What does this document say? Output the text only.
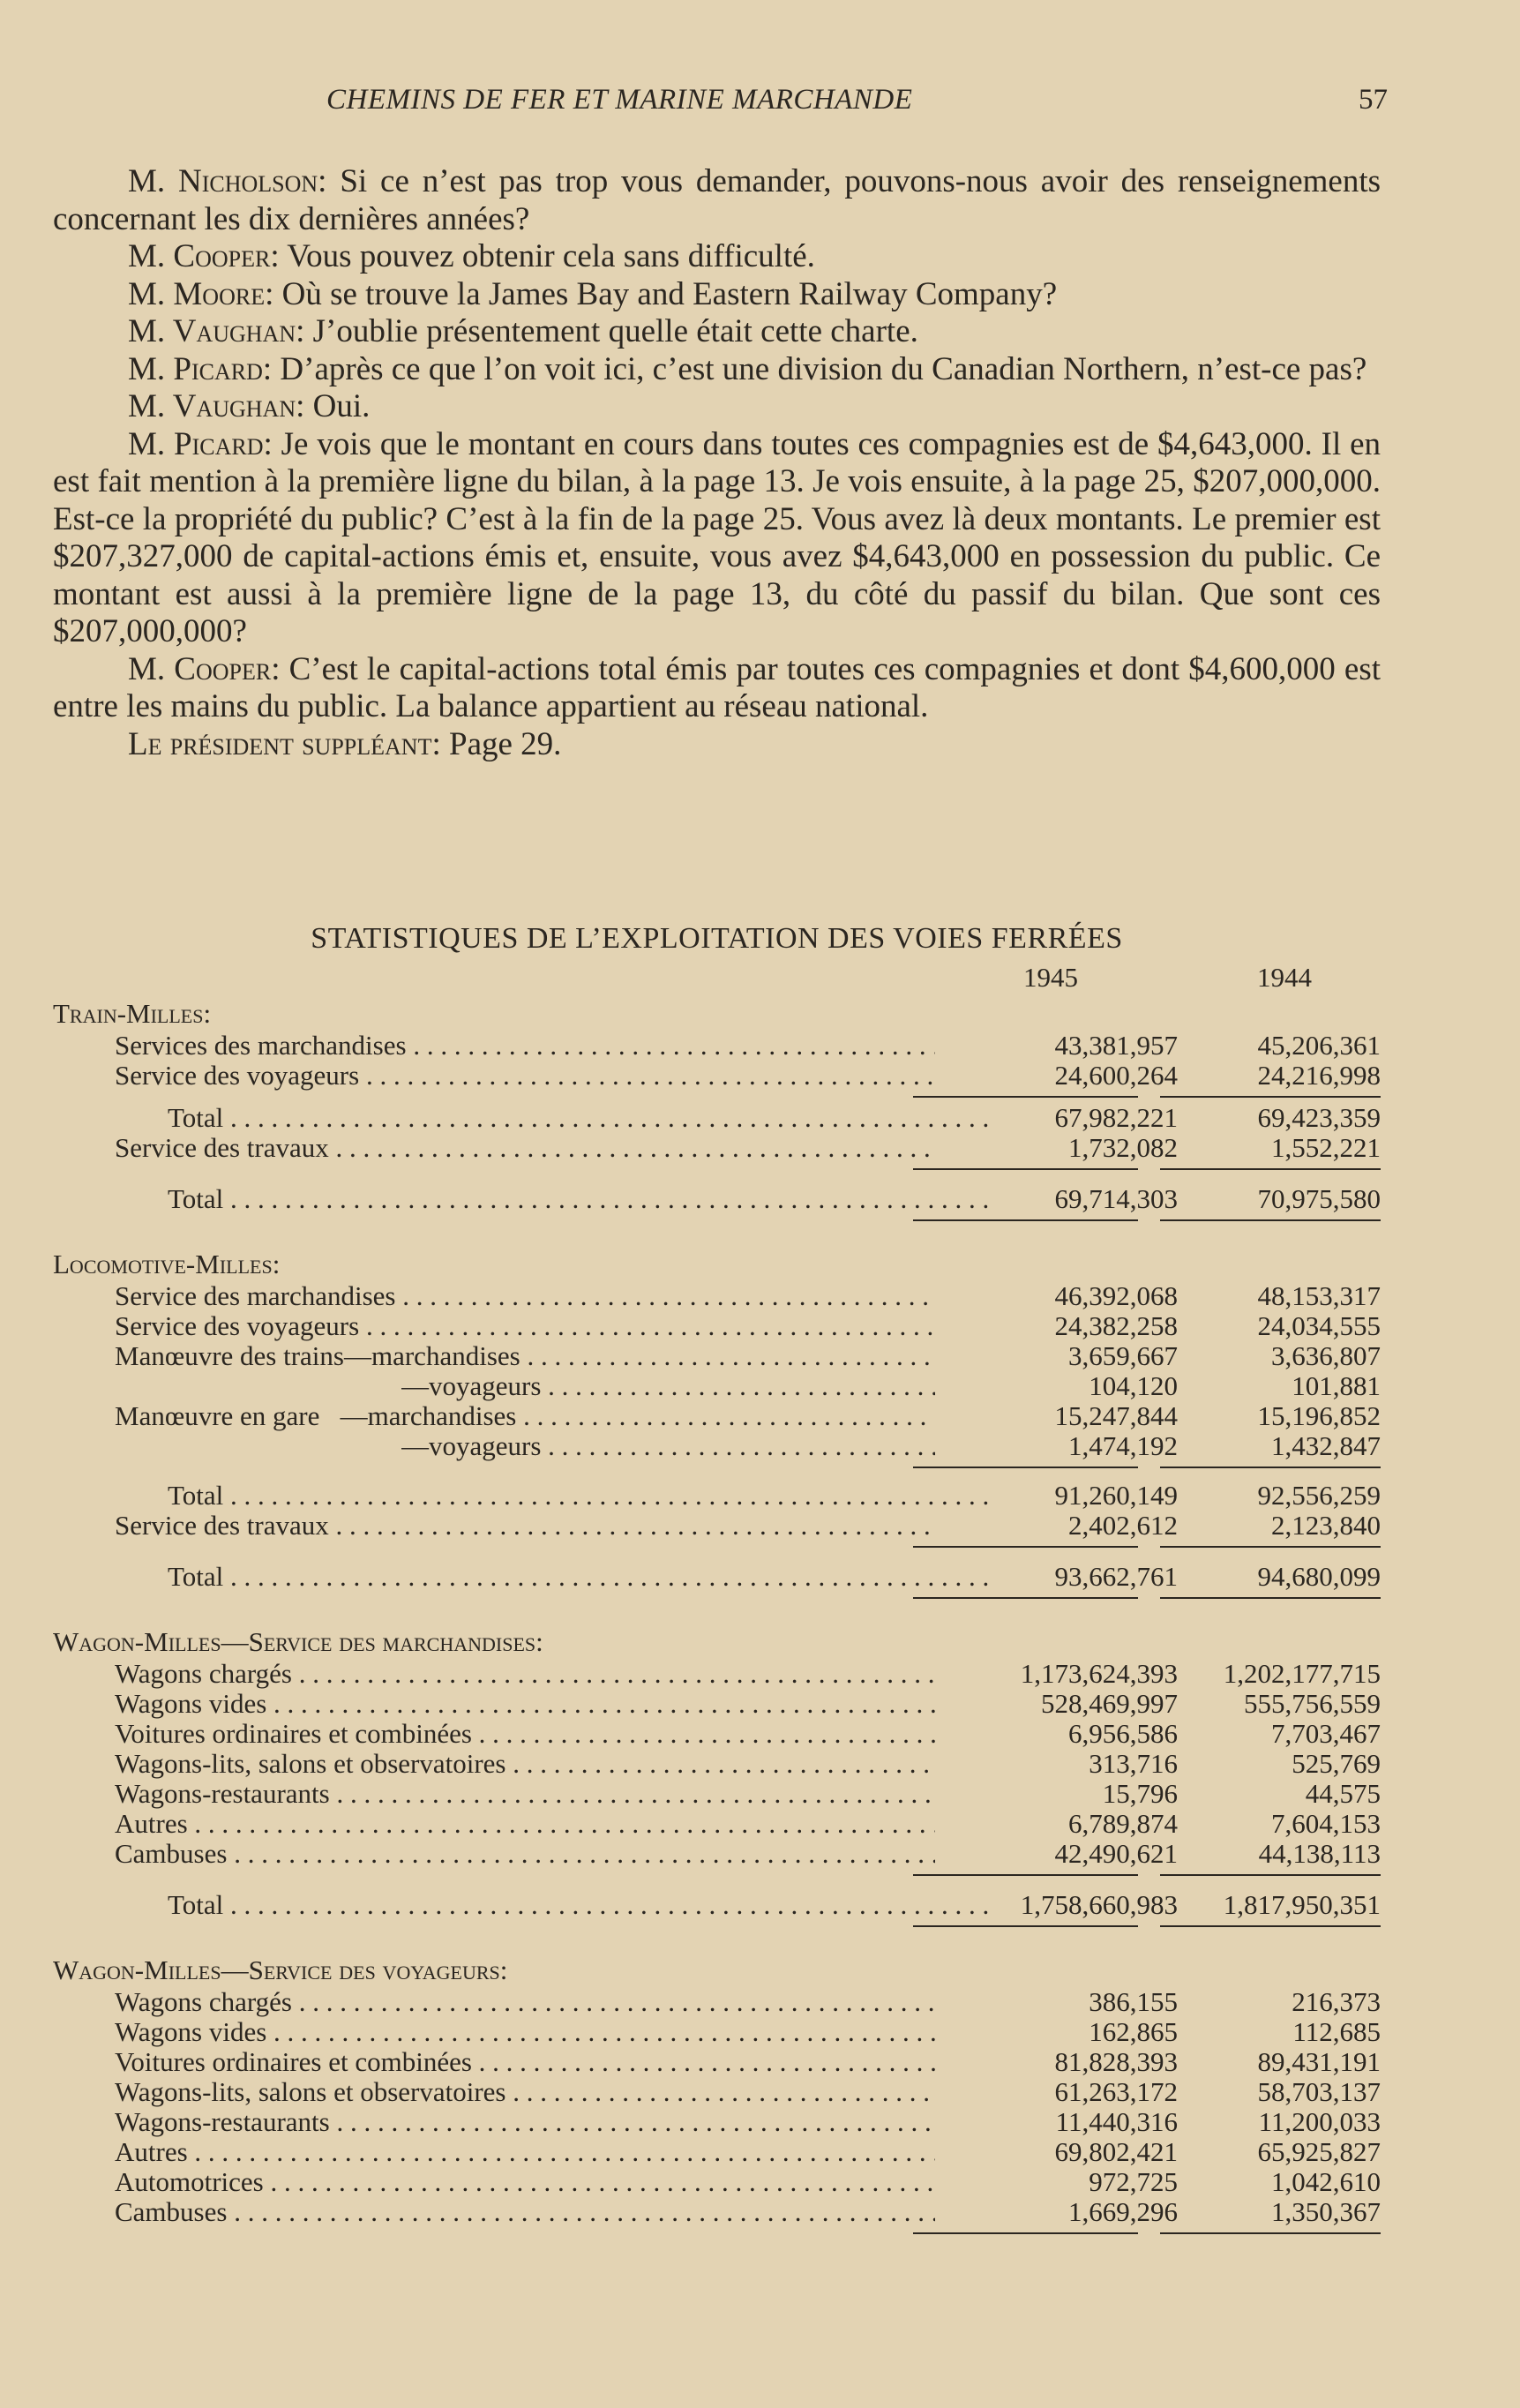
CHEMINS DE FER ET MARINE MARCHANDE	57

M. Nicholson: Si ce n’est pas trop vous demander, pouvons-nous avoir des renseignements concernant les dix dernières années?

M. Cooper: Vous pouvez obtenir cela sans difficulté.

M. Moore: Où se trouve la James Bay and Eastern Railway Company?

M. Vaughan: J’oublie présentement quelle était cette charte.

M. Picard: D’après ce que l’on voit ici, c’est une division du Canadian Northern, n’est-ce pas?

M. Vaughan: Oui.

M. Picard: Je vois que le montant en cours dans toutes ces compagnies est de $4,643,000. Il en est fait mention à la première ligne du bilan, à la page 13. Je vois ensuite, à la page 25, $207,000,000. Est-ce la propriété du public? C’est à la fin de la page 25. Vous avez là deux montants. Le premier est $207,327,000 de capital-actions émis et, ensuite, vous avez $4,643,000 en possession du public. Ce montant est aussi à la première ligne de la page 13, du côté du passif du bilan. Que sont ces $207,000,000?

M. Cooper: C’est le capital-actions total émis par toutes ces compagnies et dont $4,600,000 est entre les mains du public. La balance appartient au réseau national.

Le président suppléant: Page 29.

STATISTIQUES DE L’EXPLOITATION DES VOIES FERRÉES
1945	1944
Train-Milles:
Services des marchandises . . .	43,381,957	45,206,361
Service des voyageurs . . .	24,600,264	24,216,998
Total . . .	67,982,221	69,423,359
Service des travaux . . .	1,732,082	1,552,221
Total . . .	69,714,303	70,975,580
Locomotive-Milles:
Service des marchandises . . .	46,392,068	48,153,317
Service des voyageurs . . .	24,382,258	24,034,555
Manœuvre des trains—marchandises . . .	3,659,667	3,636,807
—voyageurs . . .	104,120	101,881
Manœuvre en gare   —marchandises . . .	15,247,844	15,196,852
—voyageurs . . .	1,474,192	1,432,847
Total . . .	91,260,149	92,556,259
Service des travaux . . .	2,402,612	2,123,840
Total . . .	93,662,761	94,680,099
Wagon-Milles—Service des marchandises:
Wagons chargés . . .	1,173,624,393	1,202,177,715
Wagons vides . . .	528,469,997	555,756,559
Voitures ordinaires et combinées . . .	6,956,586	7,703,467
Wagons-lits, salons et observatoires . . .	313,716	525,769
Wagons-restaurants . . .	15,796	44,575
Autres . . .	6,789,874	7,604,153
Cambuses . . .	42,490,621	44,138,113
Total . . .	1,758,660,983	1,817,950,351
Wagon-Milles—Service des voyageurs:
Wagons chargés . . .	386,155	216,373
Wagons vides . . .	162,865	112,685
Voitures ordinaires et combinées . . .	81,828,393	89,431,191
Wagons-lits, salons et observatoires . . .	61,263,172	58,703,137
Wagons-restaurants . . .	11,440,316	11,200,033
Autres . . .	69,802,421	65,925,827
Automotrices . . .	972,725	1,042,610
Cambuses . . .	1,669,296	1,350,367
